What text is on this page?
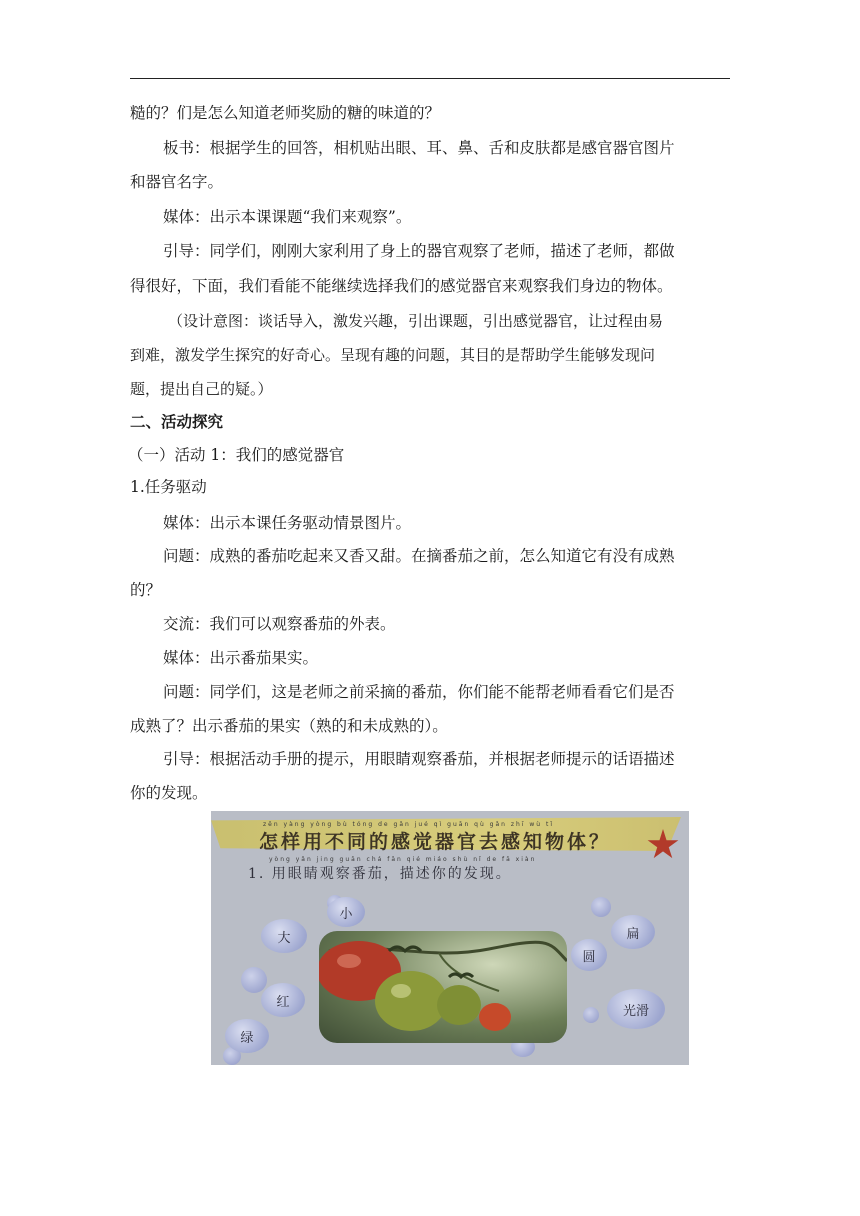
糙的？们是怎么知道老师奖励的糖的味道的？
板书：根据学生的回答，相机贴出眼、耳、鼻、舌和皮肤都是感官器官图片
和器官名字。
媒体：出示本课课题“我们来观察”。
引导：同学们，刚刚大家利用了身上的器官观察了老师，描述了老师，都做
得很好，下面，我们看能不能继续选择我们的感觉器官来观察我们身边的物体。
（设计意图：谈话导入，激发兴趣，引出课题，引出感觉器官，让过程由易
到难，激发学生探究的好奇心。呈现有趣的问题，其目的是帮助学生能够发现问
题，提出自己的疑。）
二、活动探究
（一）活动 1：我们的感觉器官
1.任务驱动
媒体：出示本课任务驱动情景图片。
问题：成熟的番茄吃起来又香又甜。在摘番茄之前，怎么知道它有没有成熟
的？
交流：我们可以观察番茄的外表。
媒体：出示番茄果实。
问题：同学们，这是老师之前采摘的番茄，你们能不能帮老师看看它们是否
成熟了？出示番茄的果实（熟的和未成熟的）。
引导：根据活动手册的提示，用眼睛观察番茄，并根据老师提示的话语描述
你的发现。
zěn yàng yòng bù tóng de gǎn jué qì guān qù gǎn zhī wù tǐ
怎样用不同的感觉器官去感知物体？
yòng yǎn jing guān chá fān qié miáo shù nǐ de fā xiàn
1. 用眼睛观察番茄，描述你的发现。
小
大	扁
圆
红
光滑
绿
